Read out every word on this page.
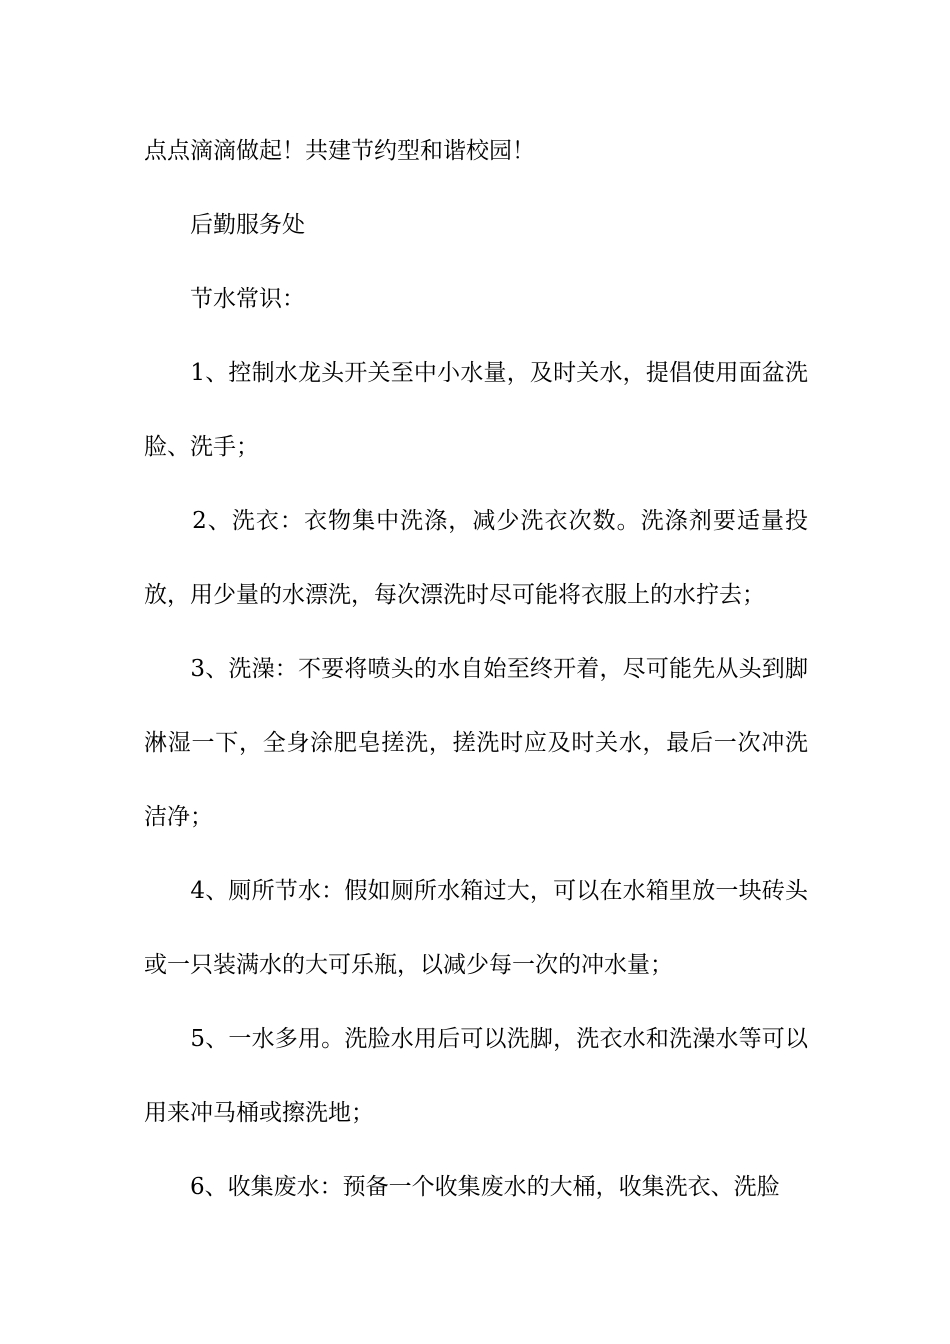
点点滴滴做起！共建节约型和谐校园！

　　后勤服务处

　　节水常识：

　　1、控制水龙头开关至中小水量，及时关水，提倡使用面盆洗脸、洗手；

　　2、洗衣：衣物集中洗涤，减少洗衣次数。洗涤剂要适量投放，用少量的水漂洗，每次漂洗时尽可能将衣服上的水拧去；

　　3、洗澡：不要将喷头的水自始至终开着，尽可能先从头到脚淋湿一下，全身涂肥皂搓洗，搓洗时应及时关水，最后一次冲洗洁净；

　　4、厕所节水：假如厕所水箱过大，可以在水箱里放一块砖头或一只装满水的大可乐瓶，以减少每一次的冲水量；

　　5、一水多用。洗脸水用后可以洗脚，洗衣水和洗澡水等可以用来冲马桶或擦洗地；

　　6、收集废水：预备一个收集废水的大桶，收集洗衣、洗脸
